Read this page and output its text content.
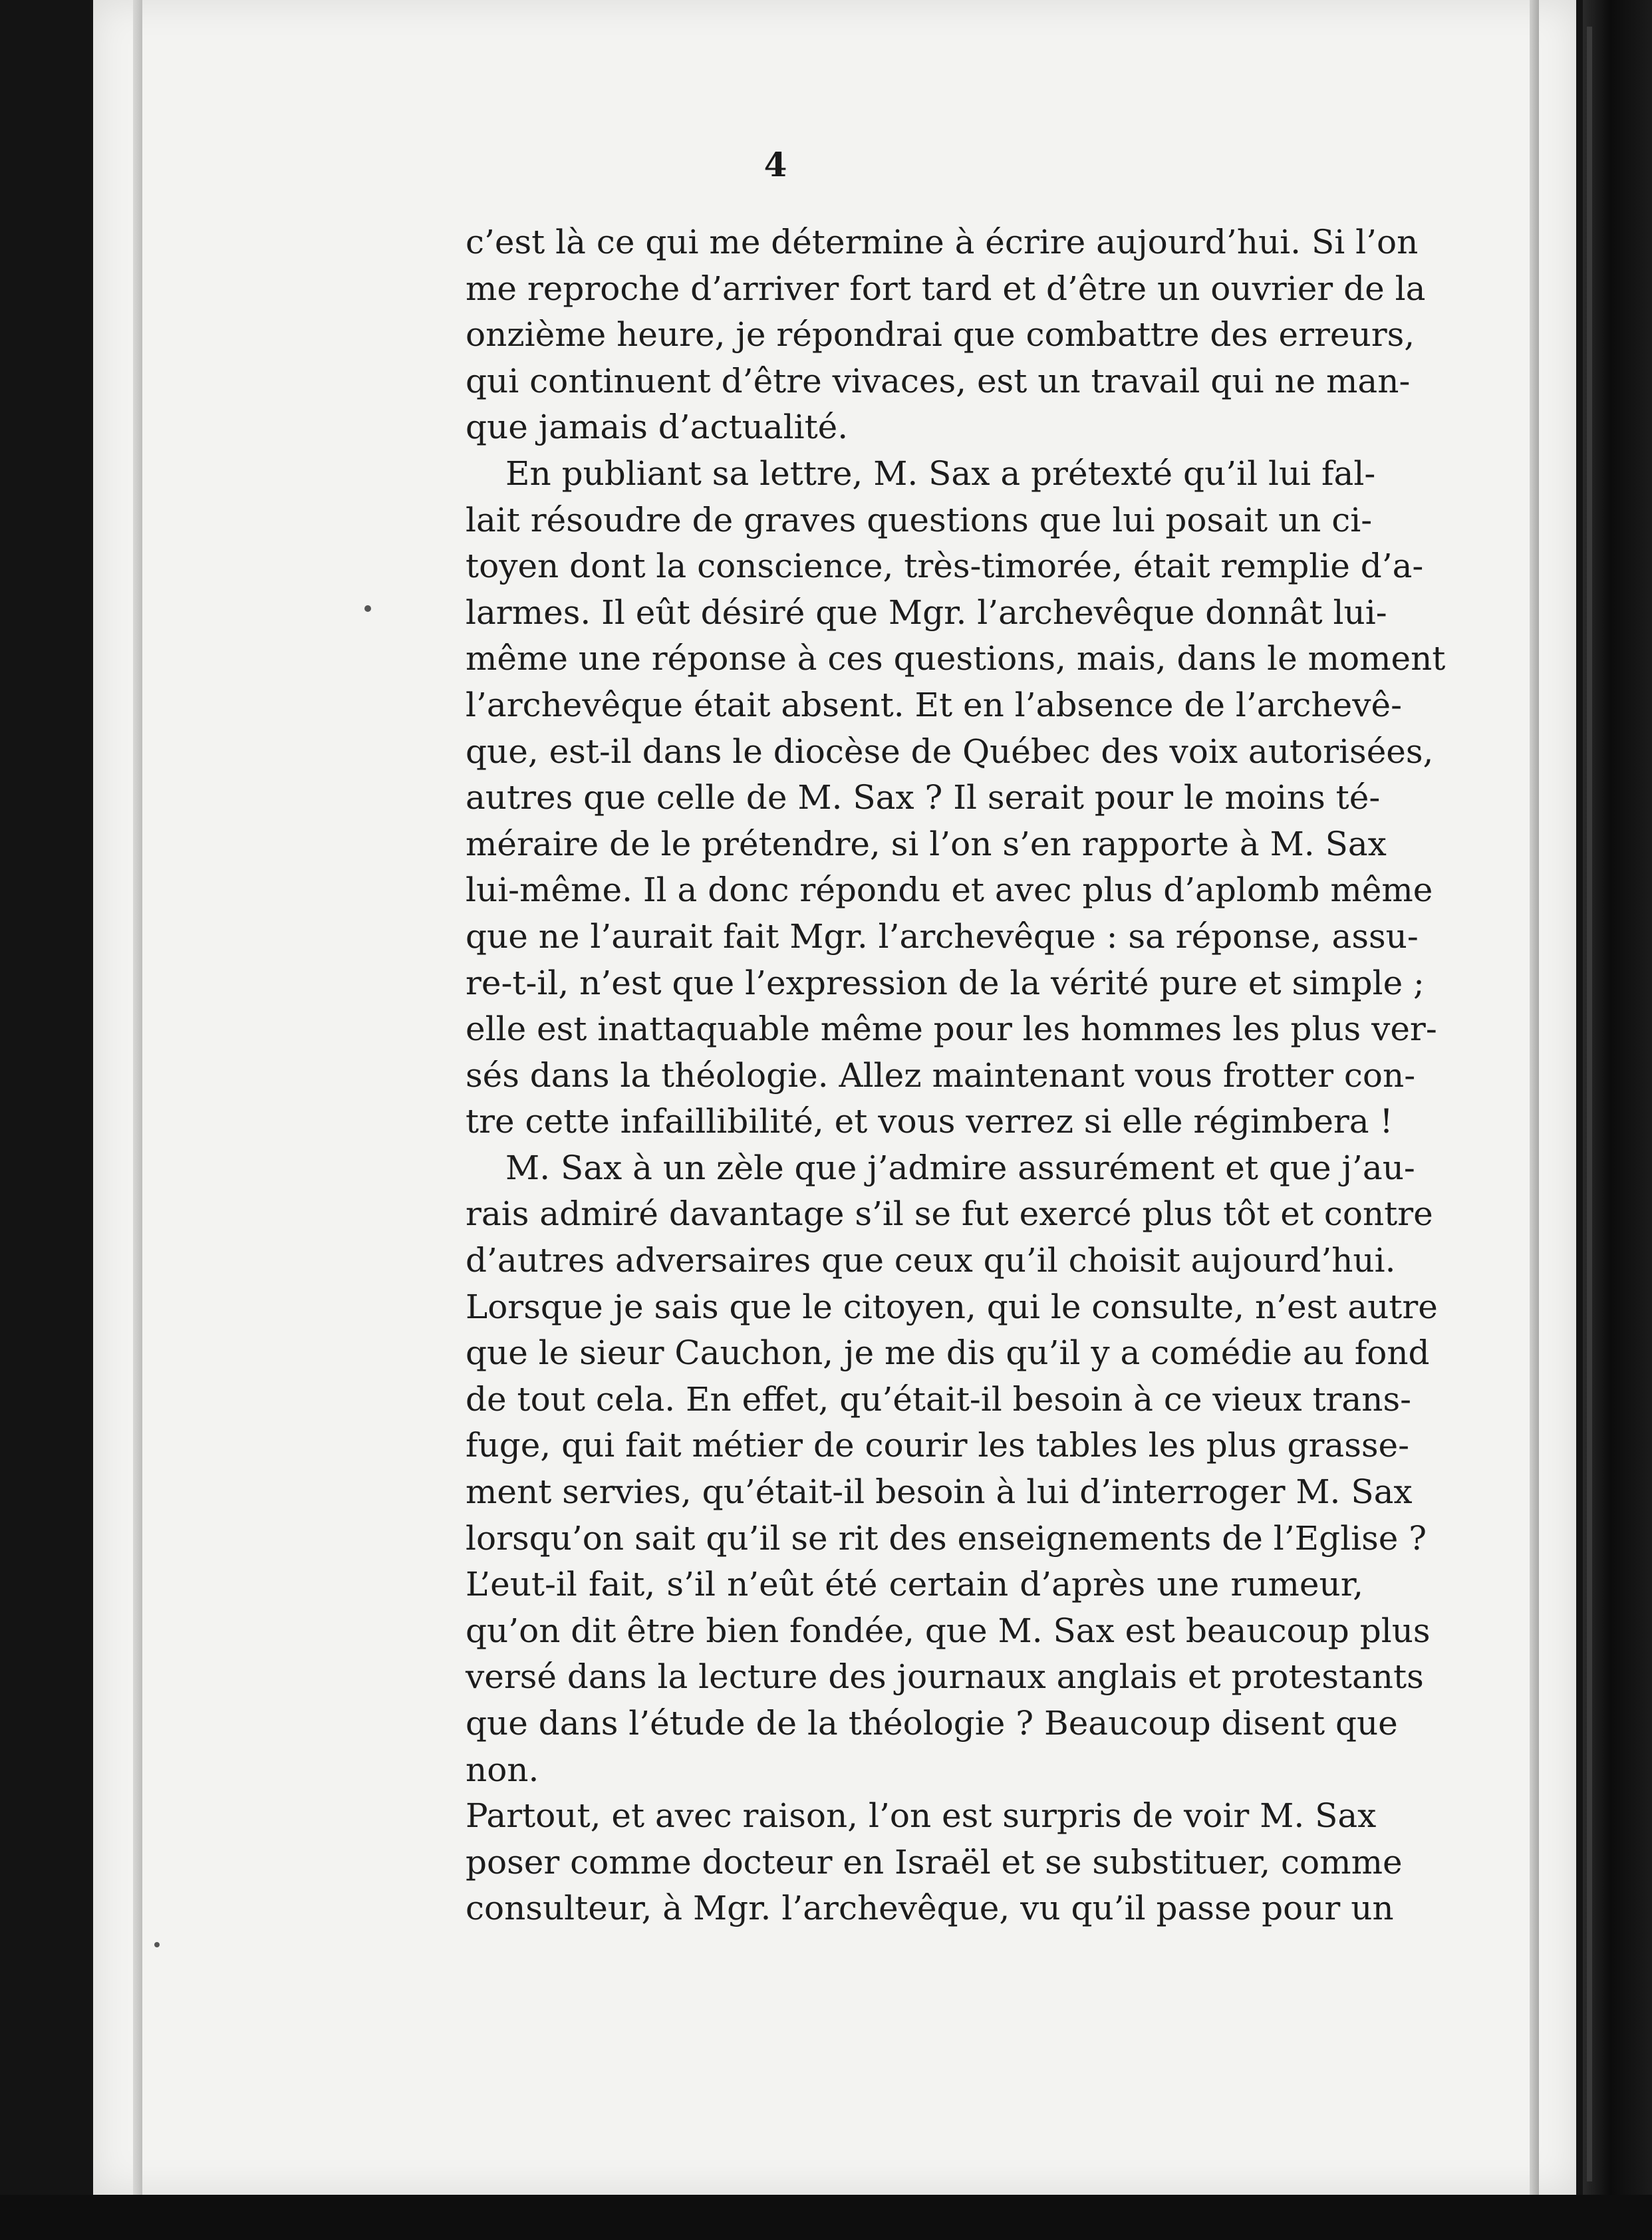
4
c’est là ce qui me détermine à écrire aujourd’hui. Si l’on
me reproche d’arriver fort tard et d’être un ouvrier de la
onzième heure, je répondrai que combattre des erreurs,
qui continuent d’être vivaces, est un travail qui ne man-
que jamais d’actualité.
En publiant sa lettre, M. Sax a prétexté qu’il lui fal-
lait résoudre de graves questions que lui posait un ci-
toyen dont la conscience, très-timorée, était remplie d’a-
larmes. Il eût désiré que Mgr. l’archevêque donnât lui-
même une réponse à ces questions, mais, dans le moment
l’archevêque était absent. Et en l’absence de l’archevê-
que, est-il dans le diocèse de Québec des voix autorisées,
autres que celle de M. Sax ? Il serait pour le moins té-
méraire de le prétendre, si l’on s’en rapporte à M. Sax
lui-même. Il a donc répondu et avec plus d’aplomb même
que ne l’aurait fait Mgr. l’archevêque : sa réponse, assu-
re-t-il, n’est que l’expression de la vérité pure et simple ;
elle est inattaquable même pour les hommes les plus ver-
sés dans la théologie. Allez maintenant vous frotter con-
tre cette infaillibilité, et vous verrez si elle régimbera !
M. Sax à un zèle que j’admire assurément et que j’au-
rais admiré davantage s’il se fut exercé plus tôt et contre
d’autres adversaires que ceux qu’il choisit aujourd’hui.
Lorsque je sais que le citoyen, qui le consulte, n’est autre
que le sieur Cauchon, je me dis qu’il y a comédie au fond
de tout cela. En effet, qu’était-il besoin à ce vieux trans-
fuge, qui fait métier de courir les tables les plus grasse-
ment servies, qu’était-il besoin à lui d’interroger M. Sax
lorsqu’on sait qu’il se rit des enseignements de l’Eglise ?
L’eut-il fait, s’il n’eût été certain d’après une rumeur,
qu’on dit être bien fondée, que M. Sax est beaucoup plus
versé dans la lecture des journaux anglais et protestants
que dans l’étude de la théologie ? Beaucoup disent que
non.
Partout, et avec raison, l’on est surpris de voir M. Sax
poser comme docteur en Israël et se substituer, comme
consulteur, à Mgr. l’archevêque, vu qu’il passe pour un
